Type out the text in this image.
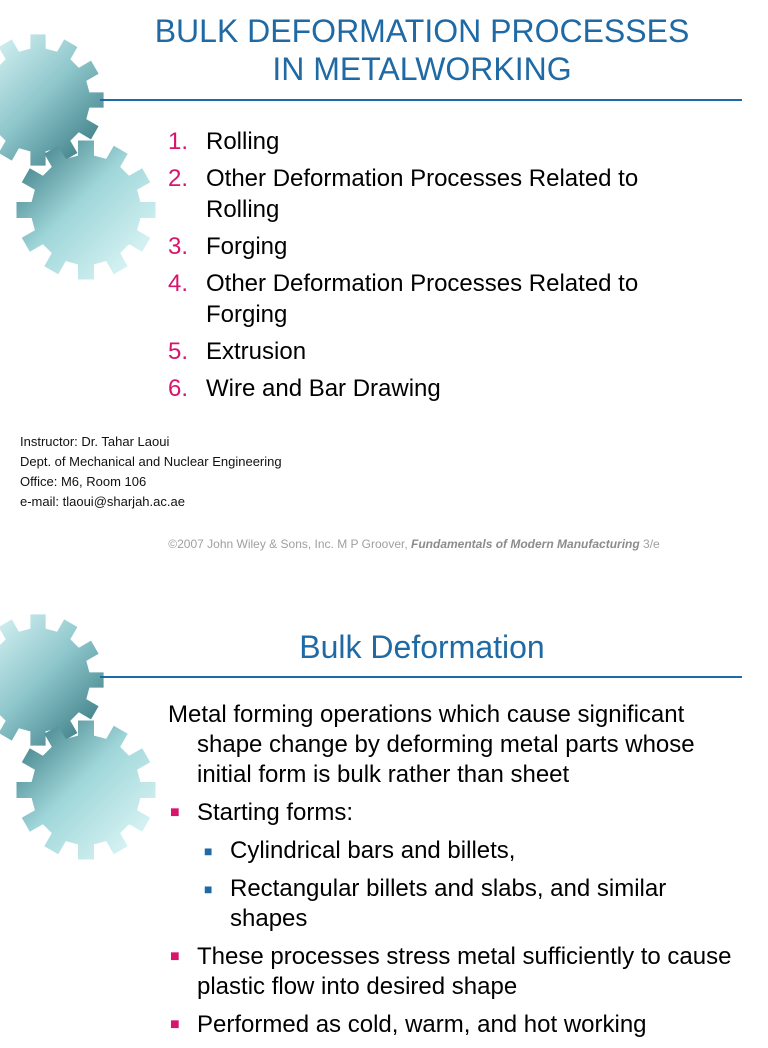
BULK DEFORMATION PROCESSES
IN METALWORKING
1. Rolling
2. Other Deformation Processes Related to Rolling
3. Forging
4. Other Deformation Processes Related to Forging
5. Extrusion
6. Wire and Bar Drawing
Instructor: Dr. Tahar Laoui
Dept. of Mechanical and Nuclear Engineering
Office: M6, Room 106
e-mail: tlaoui@sharjah.ac.ae
©2007 John Wiley & Sons, Inc. M P Groover, Fundamentals of Modern Manufacturing 3/e
Bulk Deformation
Metal forming operations which cause significant shape change by deforming metal parts whose initial form is bulk rather than sheet
■ Starting forms:
■ Cylindrical bars and billets,
■ Rectangular billets and slabs, and similar shapes
■ These processes stress metal sufficiently to cause plastic flow into desired shape
■ Performed as cold, warm, and hot working
